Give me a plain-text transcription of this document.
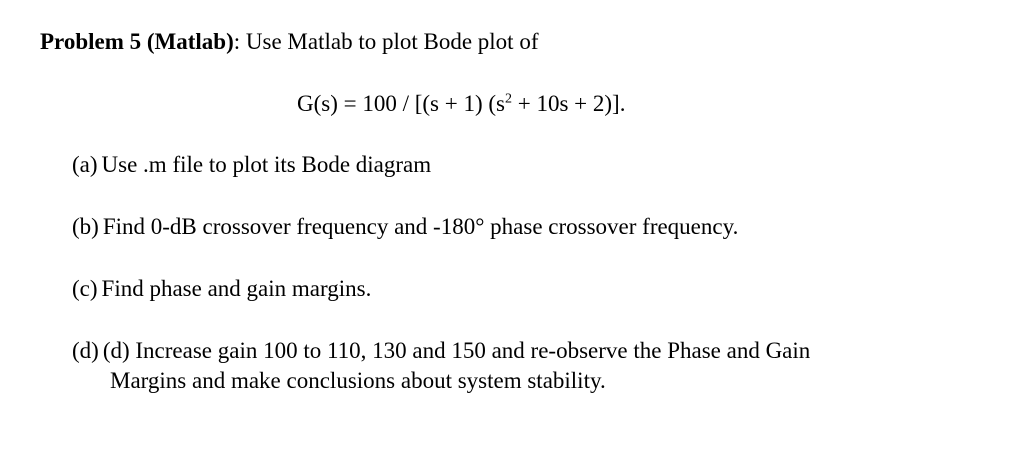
Problem 5 (Matlab): Use Matlab to plot Bode plot of
G(s) = 100 / [(s + 1) $(s^2 + 10s + 2)$].
(a) Use .m file to plot its Bode diagram
(b) Find 0-dB crossover frequency and -180° phase crossover frequency.
(c) Find phase and gain margins.
(d) (d) Increase gain 100 to 110, 130 and 150 and re-observe the Phase and Gain
Margins and make conclusions about system stability.
